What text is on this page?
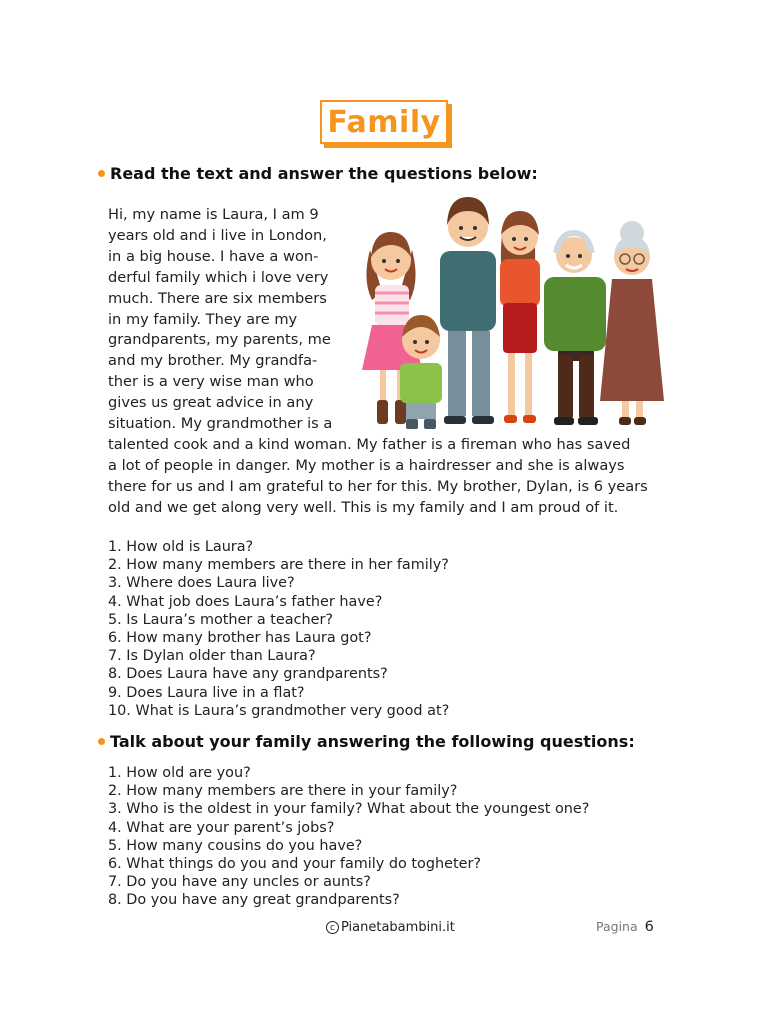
Family
Read the text and answer the questions below:
Hi, my name is Laura, I am 9
years old and i live in London,
in a big house. I have a won-
derful family which i love very
much. There are six members
in my family. They are my
grandparents, my parents, me
and my brother. My grandfa-
ther is a very wise man who
gives us great advice in any
situation. My grandmother is a
talented cook and a kind woman. My father is a fireman who has saved
a lot of people in danger. My mother is a hairdresser and she is always
there for us and I am grateful to her for this. My brother, Dylan, is 6 years
old and we get along very well. This is my family and I am proud of it.
1. How old is Laura?
2. How many members are there in her family?
3. Where does Laura live?
4. What job does Laura’s father have?
5. Is Laura’s mother a teacher?
6. How many brother has Laura got?
7. Is Dylan older than Laura?
8. Does Laura have any grandparents?
9. Does Laura live in a flat?
10. What is Laura’s grandmother very good at?
Talk about your family answering the following questions:
1. How old are you?
2. How many members are there in your family?
3. Who is the oldest in your family? What about the youngest one?
4. What are your parent’s jobs?
5. How many cousins do you have?
6. What things do you and your family do togheter?
7. Do you have any uncles or aunts?
8. Do you have any great grandparents?
c Pianetabambini.it	Pagina 6
